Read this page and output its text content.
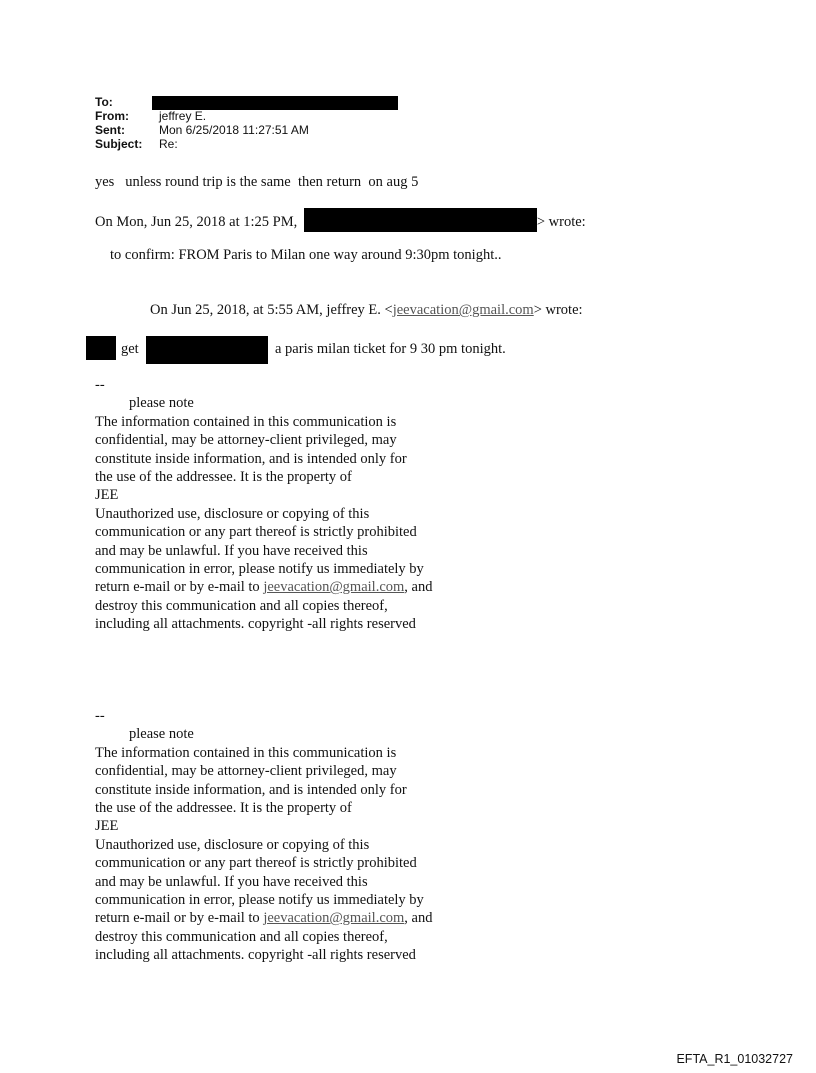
To:
From:	jeffrey E.
Sent:	Mon 6/25/2018 11:27:51 AM
Subject:	Re:
yes   unless round trip is the same  then return  on aug 5
On Mon, Jun 25, 2018 at 1:25 PM,	> wrote:
to confirm: FROM Paris to Milan one way around 9:30pm tonight..
On Jun 25, 2018, at 5:55 AM, jeffrey E. <jeevacation@gmail.com> wrote:
get	a paris milan ticket for 9 30 pm tonight.
--
please note
The information contained in this communication is
confidential, may be attorney-client privileged, may
constitute inside information, and is intended only for
the use of the addressee. It is the property of
JEE
Unauthorized use, disclosure or copying of this
communication or any part thereof is strictly prohibited
and may be unlawful. If you have received this
communication in error, please notify us immediately by
return e-mail or by e-mail to jeevacation@gmail.com, and
destroy this communication and all copies thereof,
including all attachments. copyright -all rights reserved
--
please note
The information contained in this communication is
confidential, may be attorney-client privileged, may
constitute inside information, and is intended only for
the use of the addressee. It is the property of
JEE
Unauthorized use, disclosure or copying of this
communication or any part thereof is strictly prohibited
and may be unlawful. If you have received this
communication in error, please notify us immediately by
return e-mail or by e-mail to jeevacation@gmail.com, and
destroy this communication and all copies thereof,
including all attachments. copyright -all rights reserved
EFTA_R1_01032727
